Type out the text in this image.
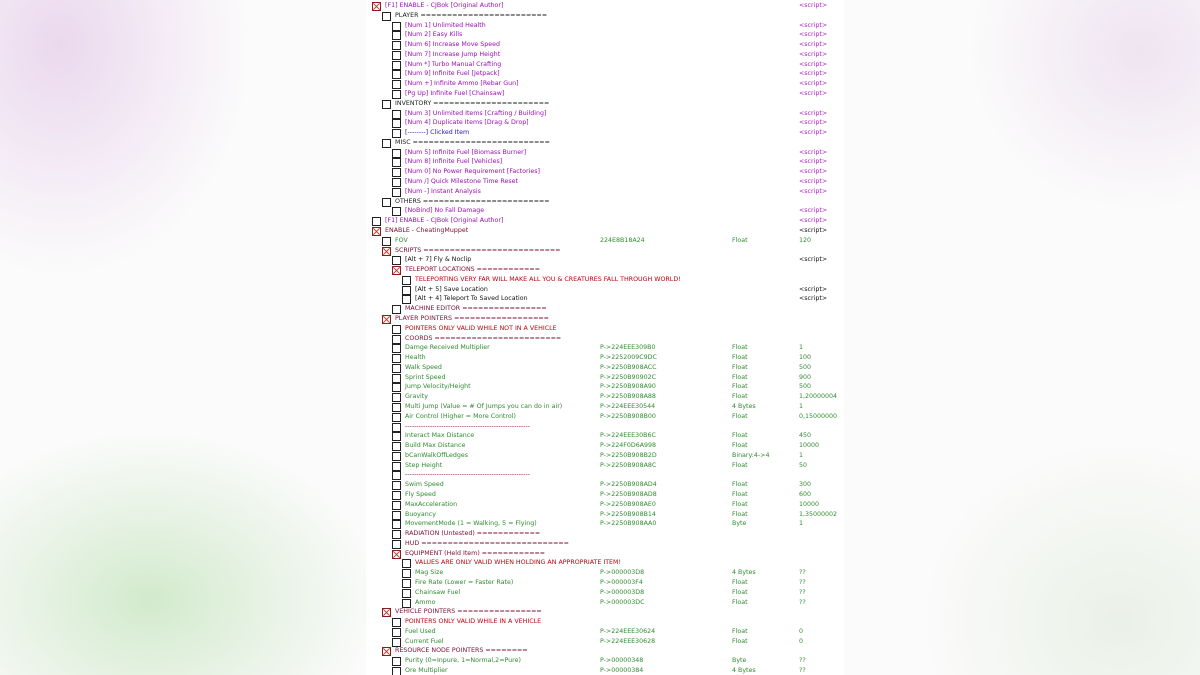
[F1] ENABLE - CJBok [Original Author]	<script>
PLAYER ========================
[Num 1] Unlimited Health	<script>
[Num 2] Easy Kills	<script>
[Num 6] Increase Move Speed	<script>
[Num 7] Increase Jump Height	<script>
[Num *] Turbo Manual Crafting	<script>
[Num 9] Infinite Fuel [Jetpack]	<script>
[Num +] Infinite Ammo [Rebar Gun]	<script>
[Pg Up] Infinite Fuel [Chainsaw]	<script>
INVENTORY ======================
[Num 3] Unlimited Items [Crafting / Building]	<script>
[Num 4] Duplicate Items [Drag & Drop]	<script>
[--------] Clicked Item	<script>
MISC ==========================
[Num 5] Infinite Fuel [Biomass Burner]	<script>
[Num 8] Infinite Fuel [Vehicles]	<script>
[Num 0] No Power Requirement [Factories]	<script>
[Num /] Quick Milestone Time Reset	<script>
[Num -] Instant Analysis	<script>
OTHERS ========================
[NoBind] No Fall Damage	<script>
[F1] ENABLE - CJBok [Original Author]	<script>
ENABLE - CheatingMuppet	<script>
FOV	224E8B18A24	Float	120
SCRIPTS ==========================
[Alt + 7] Fly & Noclip	<script>
TELEPORT LOCATIONS ============
TELEPORTING VERY FAR WILL MAKE ALL YOU & CREATURES FALL THROUGH WORLD!
[Alt + 5] Save Location	<script>
[Alt + 4] Teleport To Saved Location	<script>
MACHINE EDITOR ================
PLAYER POINTERS ==================
POINTERS ONLY VALID WHILE NOT IN A VEHICLE
COORDS ========================
Damge Received Multiplier	P->224EEE309B0	Float	1
Health	P->2252009C9DC	Float	100
Walk Speed	P->2250B908ACC	Float	500
Sprint Speed	P->2250B90902C	Float	900
Jump Velocity/Height	P->2250B908A90	Float	500
Gravity	P->2250B908A88	Float	1,20000004
Multi Jump (Value = # Of Jumps you can do in air)	P->224EEE30544	4 Bytes	1
Air Control (Higher = More Control)	P->2250B908B00	Float	0,15000000
-------------------------------------------------------
Interact Max Distance	P->224EEE30B6C	Float	450
Build Max Distance	P->224F0D6A998	Float	10000
bCanWalkOffLedges	P->2250B908B2D	Binary:4->4	1
Step Height	P->2250B908A8C	Float	50
-------------------------------------------------------
Swim Speed	P->2250B908AD4	Float	300
Fly Speed	P->2250B908AD8	Float	600
MaxAcceleration	P->2250B908AE0	Float	10000
Buoyancy	P->2250B908B14	Float	1,35000002
MovementMode (1 = Walking, 5 = Flying)	P->2250B908AA0	Byte	1
RADIATION (Untested) ============
HUD ============================
EQUIPMENT (Held Item) ============
VALUES ARE ONLY VALID WHEN HOLDING AN APPROPRIATE ITEM!
Mag Size	P->000003D8	4 Bytes	??
Fire Rate (Lower = Faster Rate)	P->000003F4	Float	??
Chainsaw Fuel	P->000003D8	Float	??
Ammo	P->000003DC	Float	??
VEHICLE POINTERS ================
POINTERS ONLY VALID WHILE IN A VEHICLE
Fuel Used	P->224EEE30624	Float	0
Current Fuel	P->224EEE30628	Float	0
RESOURCE NODE POINTERS ========
Purity (0=Inpure, 1=Normal,2=Pure)	P->00000348	Byte	??
Ore Multiplier	P->00000384	4 Bytes	??
